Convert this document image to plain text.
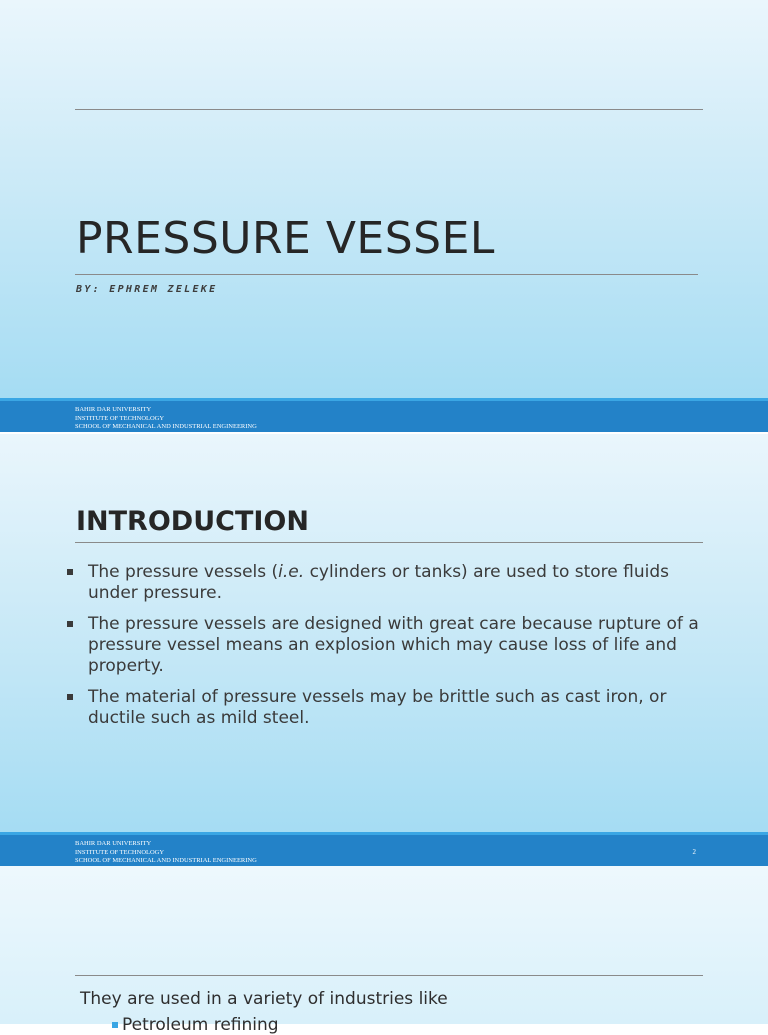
PRESSURE VESSEL
BY: EPHREM ZELEKE
BAHIR DAR UNIVERSITY
INSTITUTE OF TECHNOLOGY
SCHOOL OF MECHANICAL AND INDUSTRIAL ENGINEERING
INTRODUCTION
The pressure vessels (i.e. cylinders or tanks) are used to store fluids under pressure.
The pressure vessels are designed with great care because rupture of a pressure vessel means an explosion which may cause loss of life and property.
The material of pressure vessels may be brittle such as cast iron, or ductile such as mild steel.
BAHIR DAR UNIVERSITY
INSTITUTE OF TECHNOLOGY
SCHOOL OF MECHANICAL AND INDUSTRIAL ENGINEERING
2
They are used in a variety of industries like
Petroleum refining
